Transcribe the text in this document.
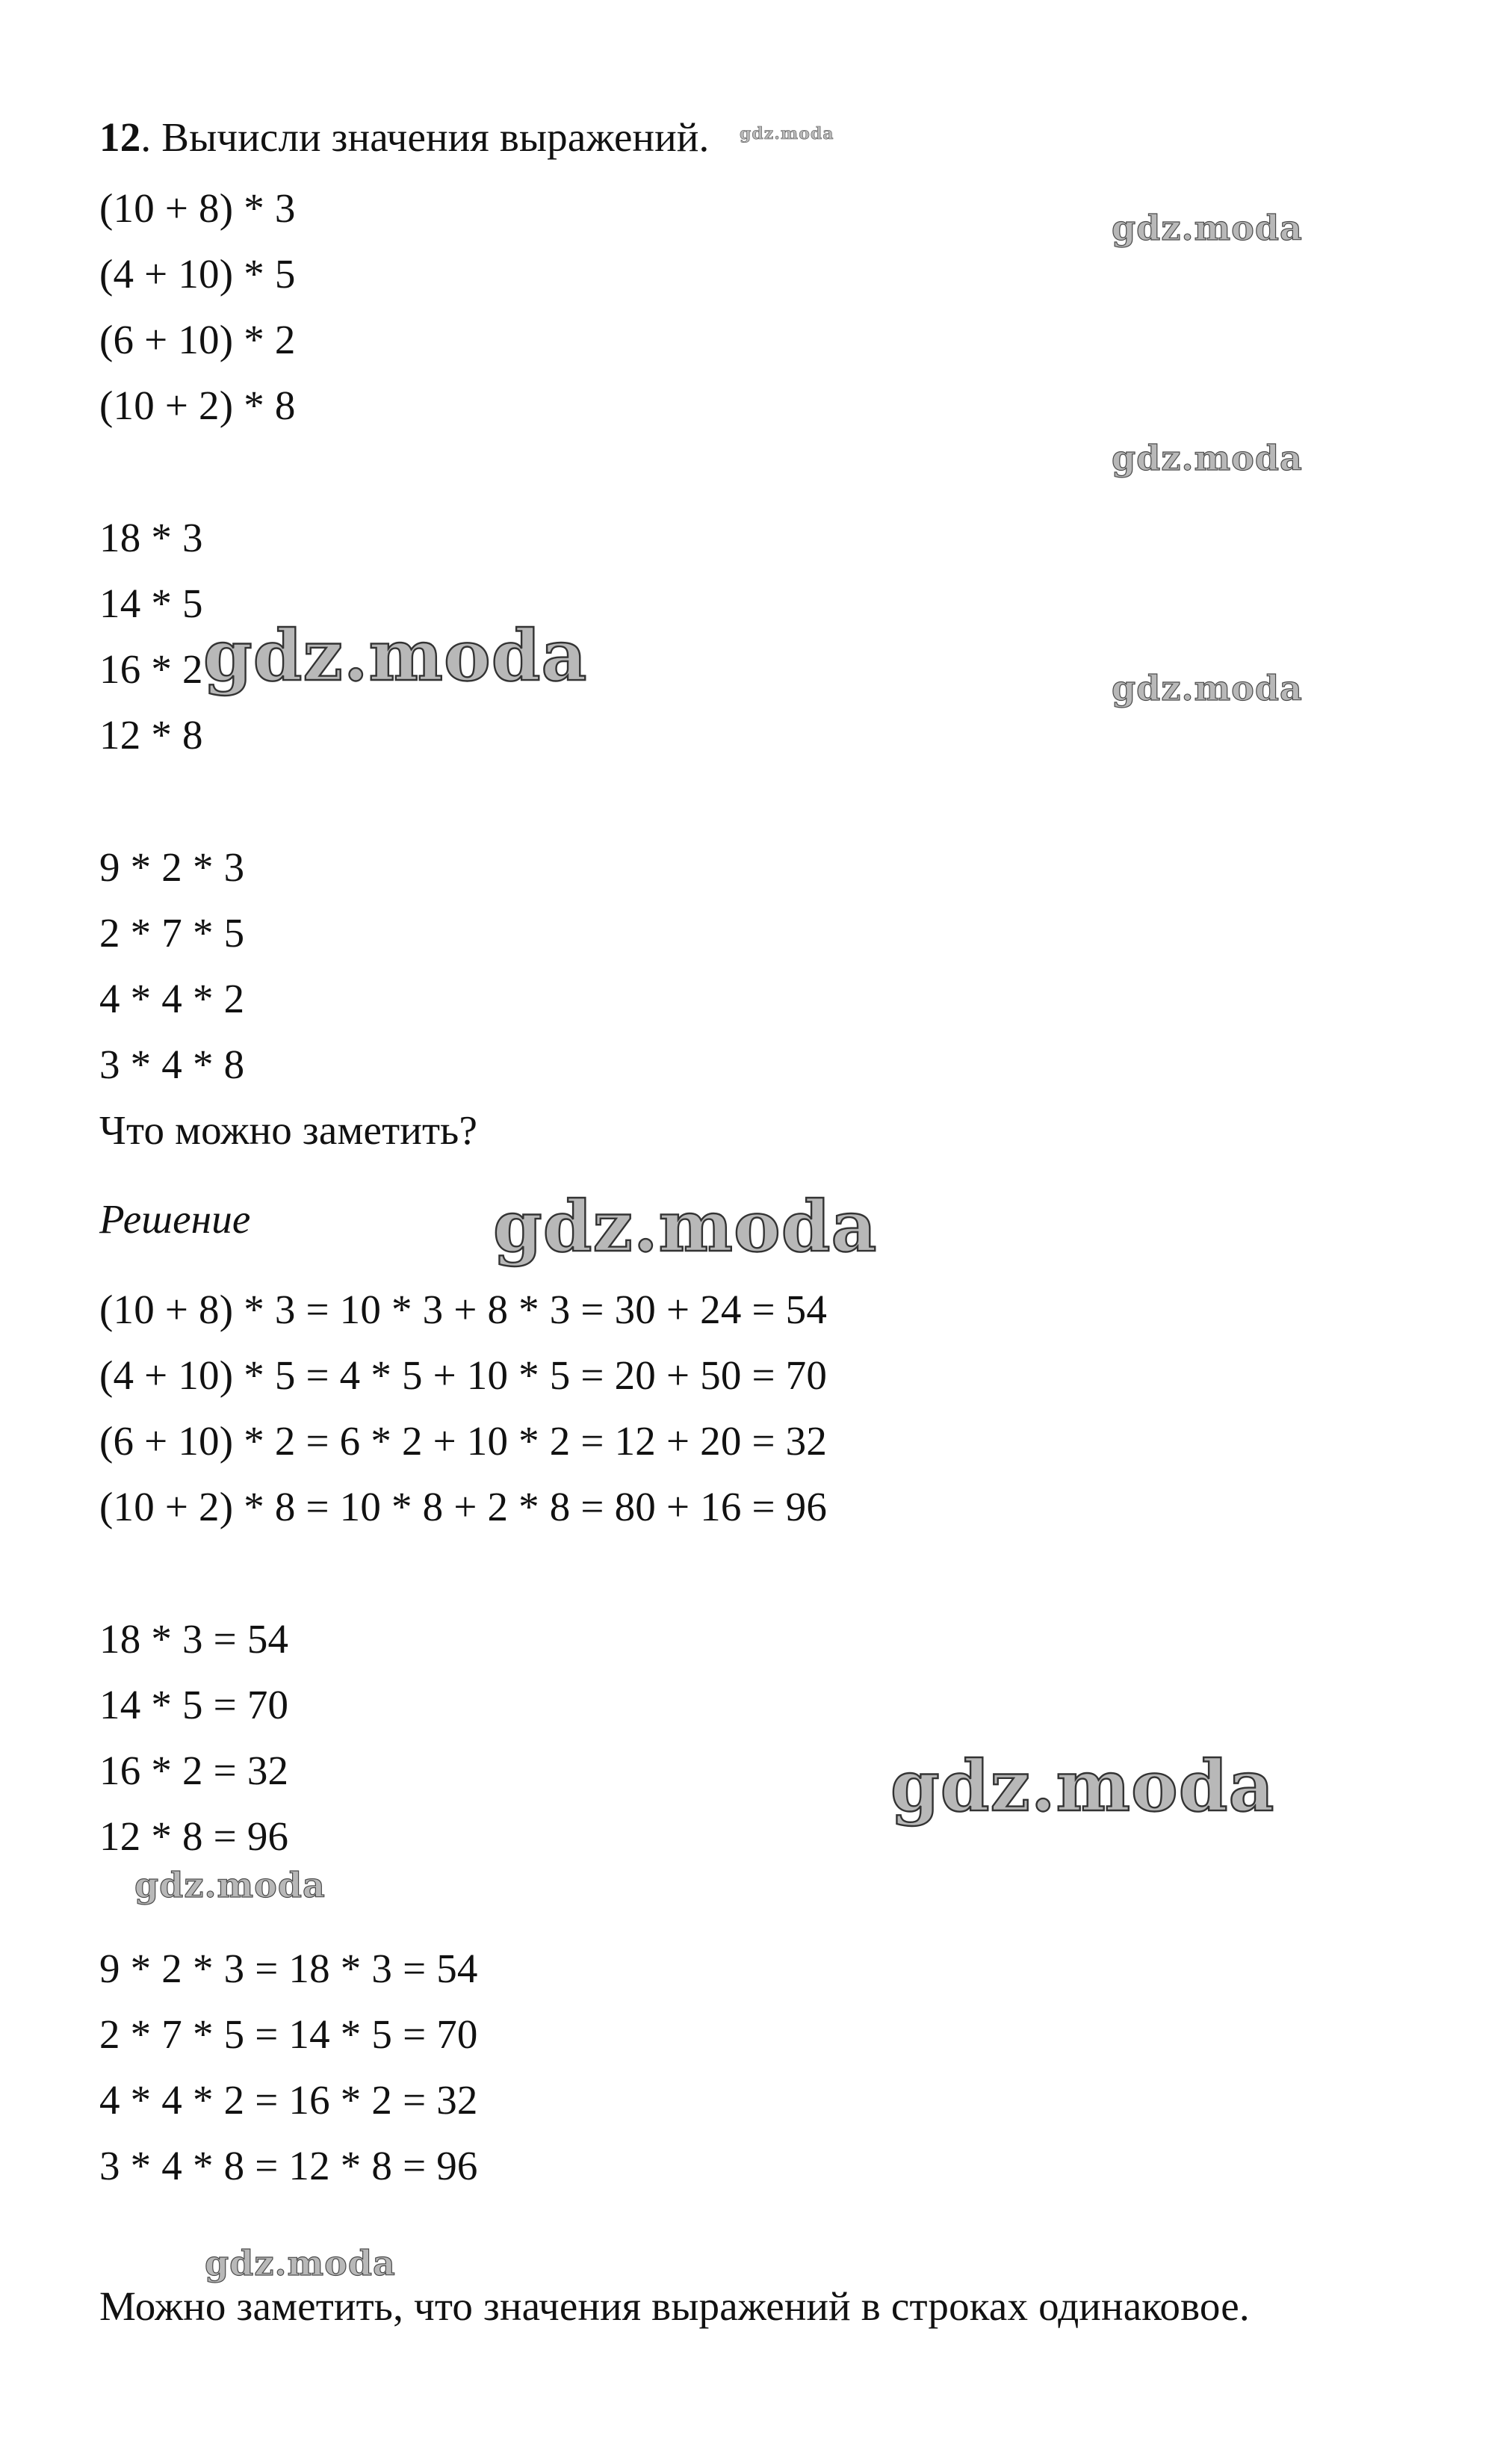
12. Вычисли значения выражений.
(10 + 8) * 3
(4 + 10) * 5
(6 + 10) * 2
(10 + 2) * 8
18 * 3
14 * 5
16 * 2
12 * 8
9 * 2 * 3
2 * 7 * 5
4 * 4 * 2
3 * 4 * 8
Что можно заметить?
Решение
(10 + 8) * 3 = 10 * 3 + 8 * 3 = 30 + 24 = 54
(4 + 10) * 5 = 4 * 5 + 10 * 5 = 20 + 50 = 70
(6 + 10) * 2 = 6 * 2 + 10 * 2 = 12 + 20 = 32
(10 + 2) * 8 = 10 * 8 + 2 * 8 = 80 + 16 = 96
18 * 3 = 54
14 * 5 = 70
16 * 2 = 32
12 * 8 = 96
9 * 2 * 3 = 18 * 3 = 54
2 * 7 * 5 = 14 * 5 = 70
4 * 4 * 2 = 16 * 2 = 32
3 * 4 * 8 = 12 * 8 = 96
Можно заметить, что значения выражений в строках одинаковое.
gdz.moda
gdz.moda
gdz.moda
gdz.moda	gdz.moda
gdz.moda
gdz.moda
gdz.moda
gdz.moda
